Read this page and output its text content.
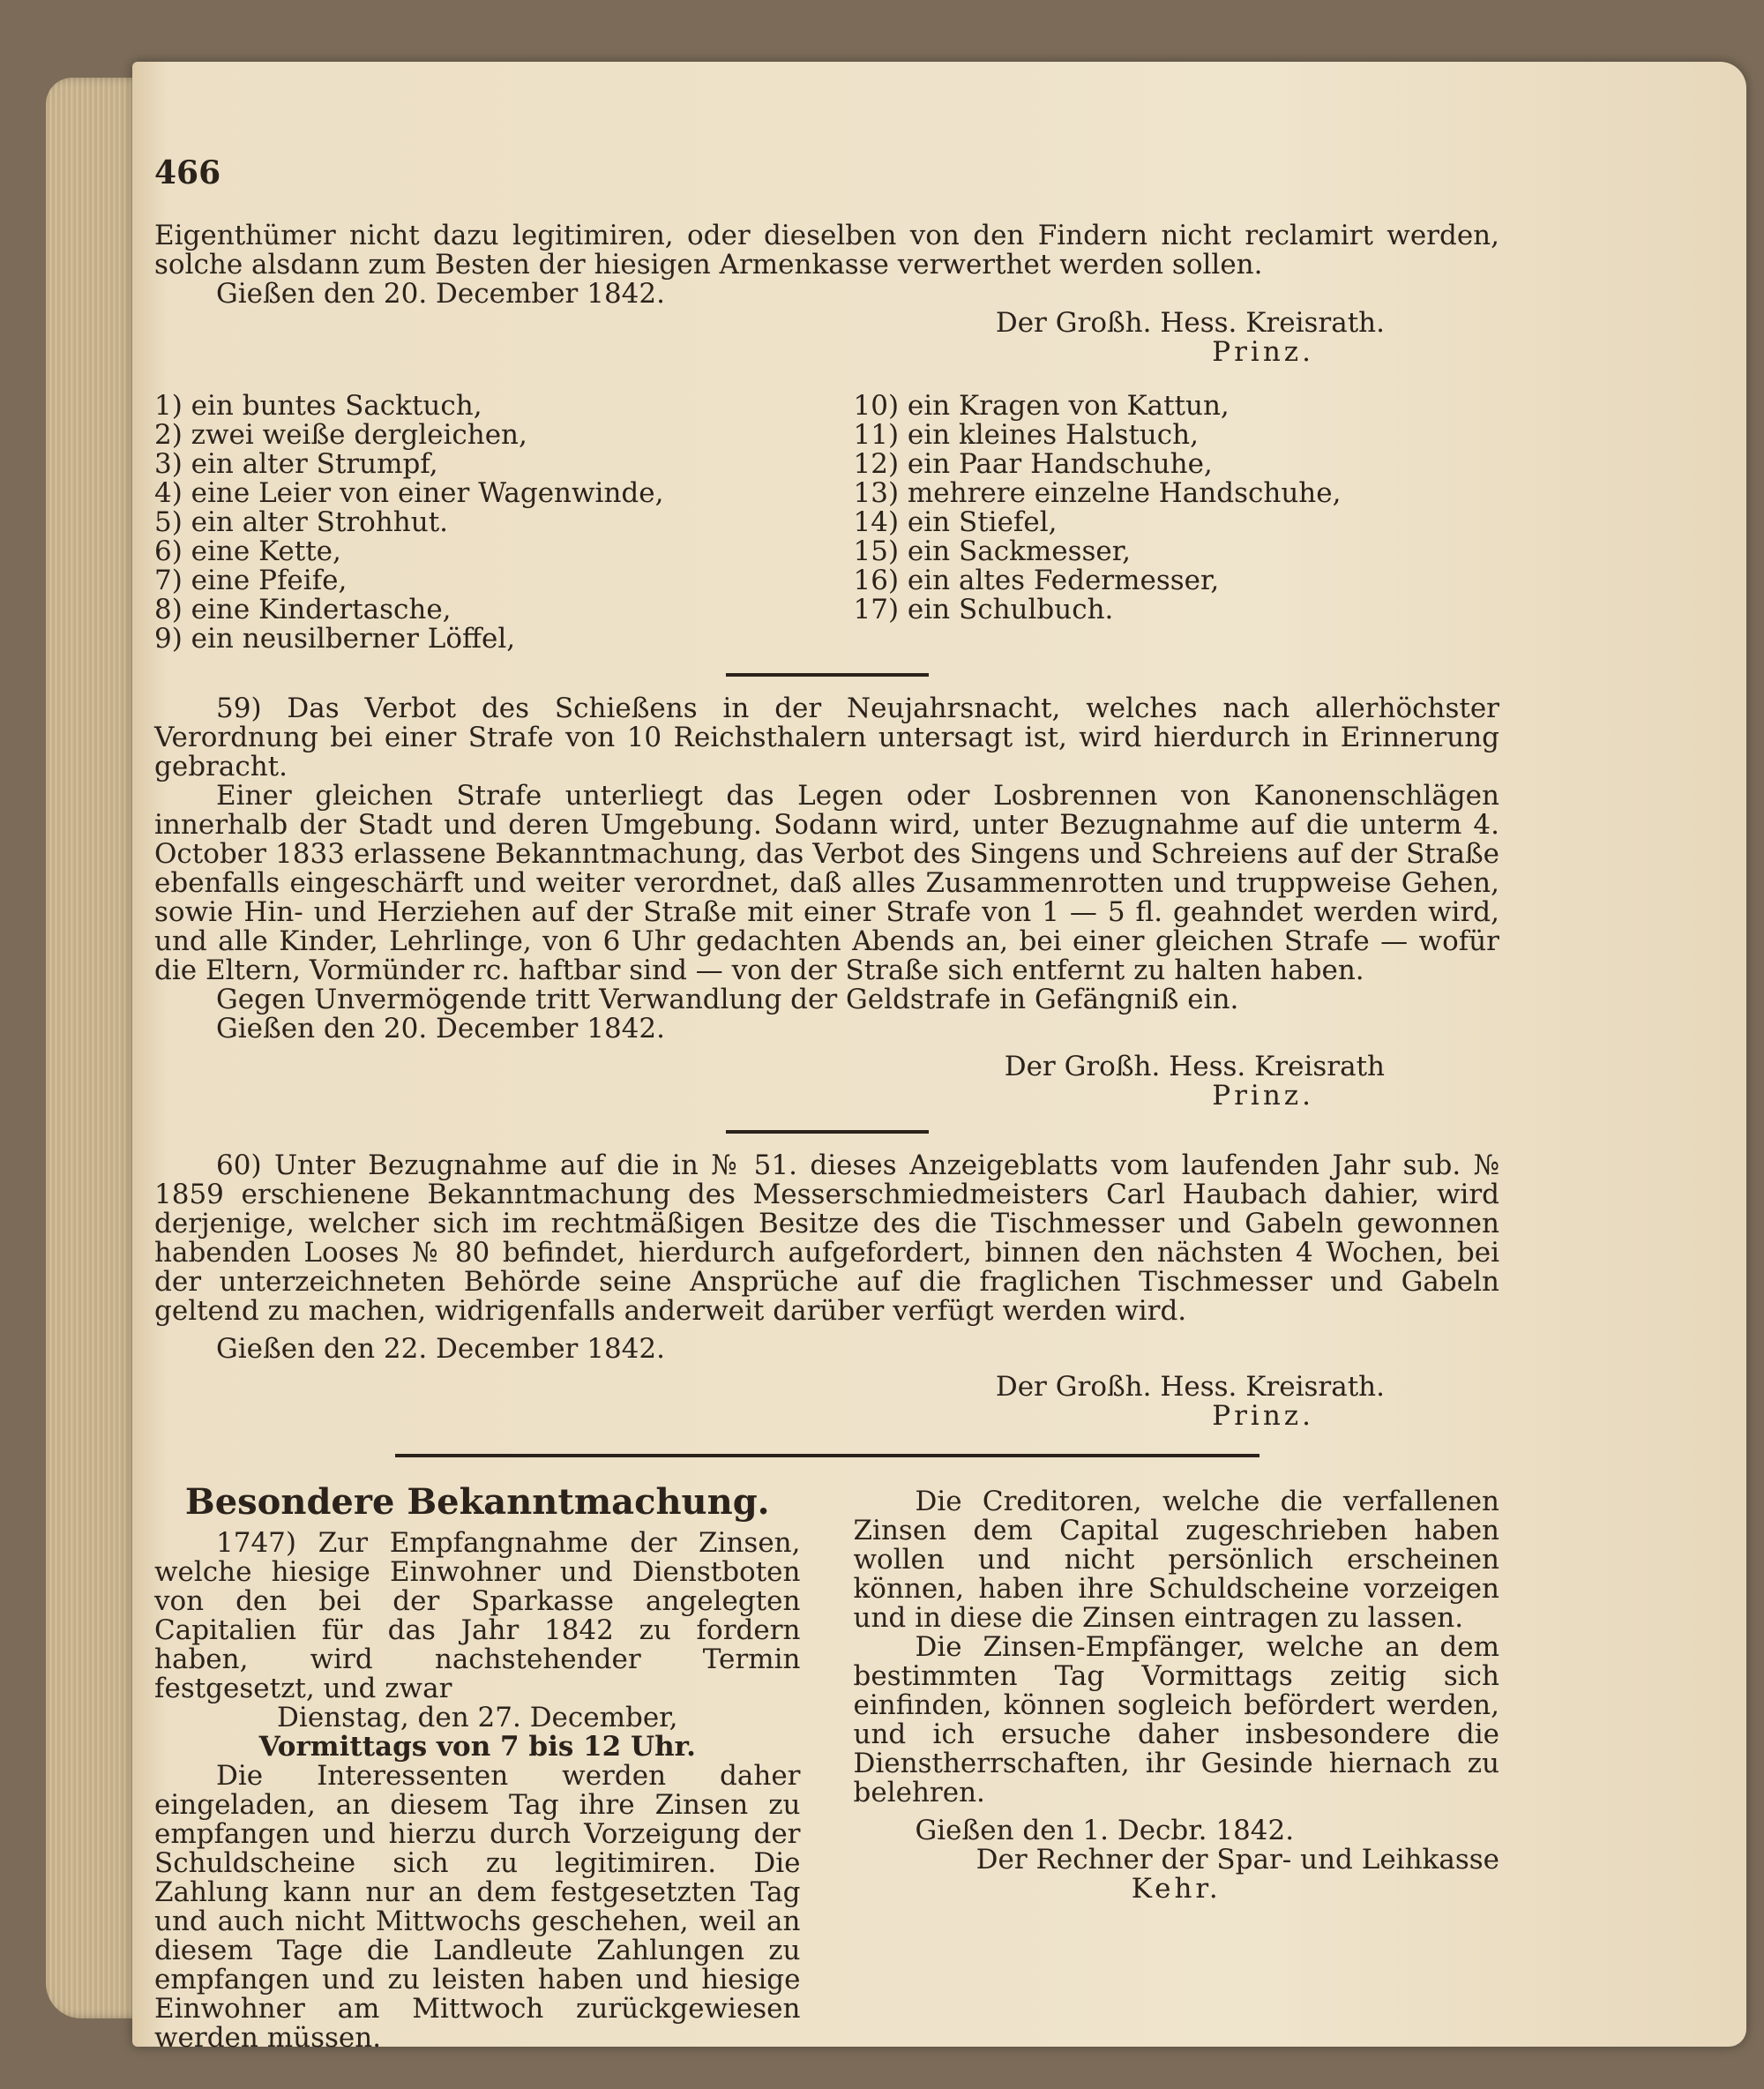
466

Eigenthümer nicht dazu legitimiren, oder dieselben von den Findern nicht reclamirt werden, solche alsdann zum Besten der hiesigen Armenkasse verwerthet werden sollen.

Gießen den 20. December 1842.

Der Großh. Hess. Kreisrath.

Prinz.

1) ein buntes Sacktuch,
2) zwei weiße dergleichen,
3) ein alter Strumpf,
4) eine Leier von einer Wagenwinde,
5) ein alter Strohhut.
6) eine Kette,
7) eine Pfeife,
8) eine Kindertasche,
9) ein neusilberner Löffel,
10) ein Kragen von Kattun,
11) ein kleines Halstuch,
12) ein Paar Handschuhe,
13) mehrere einzelne Handschuhe,
14) ein Stiefel,
15) ein Sackmesser,
16) ein altes Federmesser,
17) ein Schulbuch.

59) Das Verbot des Schießens in der Neujahrsnacht, welches nach allerhöchster Verordnung bei einer Strafe von 10 Reichsthalern untersagt ist, wird hierdurch in Erinnerung gebracht.

Einer gleichen Strafe unterliegt das Legen oder Losbrennen von Kanonenschlägen innerhalb der Stadt und deren Umgebung. Sodann wird, unter Bezugnahme auf die unterm 4. October 1833 erlassene Bekanntmachung, das Verbot des Singens und Schreiens auf der Straße ebenfalls eingeschärft und weiter verordnet, daß alles Zusammenrotten und truppweise Gehen, sowie Hin- und Herziehen auf der Straße mit einer Strafe von 1 — 5 fl. geahndet werden wird, und alle Kinder, Lehrlinge, von 6 Uhr gedachten Abends an, bei einer gleichen Strafe — wofür die Eltern, Vormünder rc. haftbar sind — von der Straße sich entfernt zu halten haben.

Gegen Unvermögende tritt Verwandlung der Geldstrafe in Gefängniß ein.

Gießen den 20. December 1842.

Der Großh. Hess. Kreisrath

Prinz.

60) Unter Bezugnahme auf die in № 51. dieses Anzeigeblatts vom laufenden Jahr sub. № 1859 erschienene Bekanntmachung des Messerschmiedmeisters Carl Haubach dahier, wird derjenige, welcher sich im rechtmäßigen Besitze des die Tischmesser und Gabeln gewonnen habenden Looses № 80 befindet, hierdurch aufgefordert, binnen den nächsten 4 Wochen, bei der unterzeichneten Behörde seine Ansprüche auf die fraglichen Tischmesser und Gabeln geltend zu machen, widrigenfalls anderweit darüber verfügt werden wird.

Gießen den 22. December 1842.

Der Großh. Hess. Kreisrath.

Prinz.

Besondere Bekanntmachung.

1747) Zur Empfangnahme der Zinsen, welche hiesige Einwohner und Dienstboten von den bei der Sparkasse angelegten Capitalien für das Jahr 1842 zu fordern haben, wird nachstehender Termin festgesetzt, und zwar

Dienstag, den 27. December,

Vormittags von 7 bis 12 Uhr.

Die Interessenten werden daher eingeladen, an diesem Tag ihre Zinsen zu empfangen und hierzu durch Vorzeigung der Schuldscheine sich zu legitimiren. Die Zahlung kann nur an dem festgesetzten Tag und auch nicht Mittwochs geschehen, weil an diesem Tage die Landleute Zahlungen zu empfangen und zu leisten haben und hiesige Einwohner am Mittwoch zurückgewiesen werden müssen.

Die Creditoren, welche die verfallenen Zinsen dem Capital zugeschrieben haben wollen und nicht persönlich erscheinen können, haben ihre Schuldscheine vorzeigen und in diese die Zinsen eintragen zu lassen.

Die Zinsen-Empfänger, welche an dem bestimmten Tag Vormittags zeitig sich einfinden, können sogleich befördert werden, und ich ersuche daher insbesondere die Dienstherrschaften, ihr Gesinde hiernach zu belehren.

Gießen den 1. Decbr. 1842.

Der Rechner der Spar- und Leihkasse

Kehr.
